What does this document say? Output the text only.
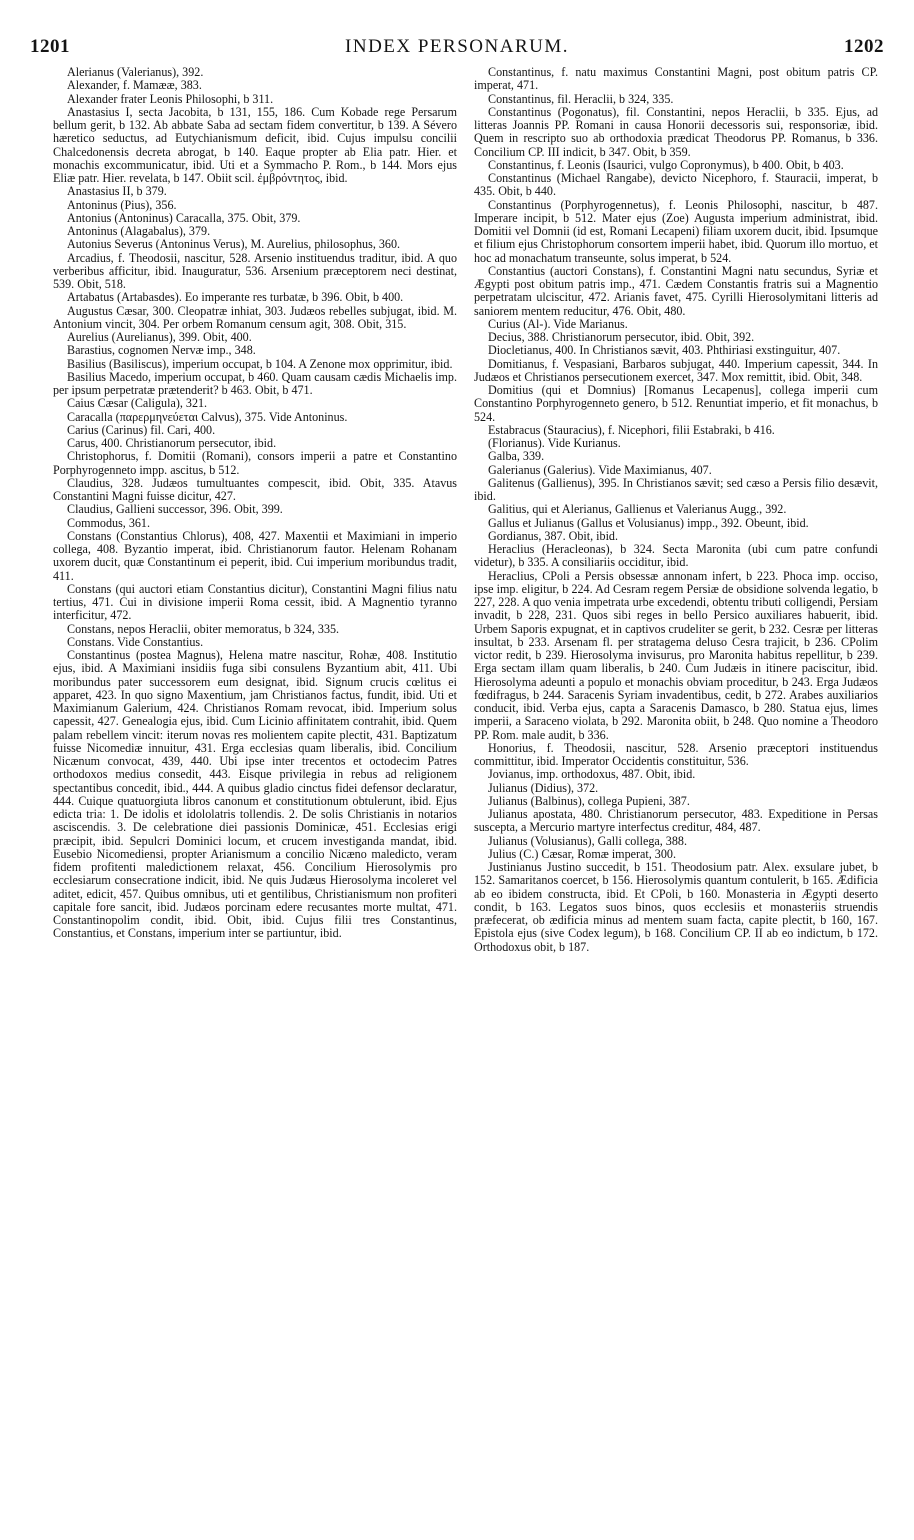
1201	INDEX PERSONARUM.	1202

Alerianus (Valerianus), 392.

Alexander, f. Mamææ, 383.

Alexander frater Leonis Philosophi, b 311.

Anastasius I, secta Jacobita, b 131, 155, 186. Cum Kobade rege Persarum bellum gerit, b 132. Ab abbate Saba ad sectam fidem convertitur, b 139. A Sévero hæretico seductus, ad Eutychianismum deficit, ibid. Cujus impulsu concilii Chalcedonensis decreta abrogat, b 140. Eaque propter ab Elia patr. Hier. et monachis excommunicatur, ibid. Uti et a Symmacho P. Rom., b 144. Mors ejus Eliæ patr. Hier. revelata, b 147. Obiit scil. ἐμβρόντητος, ibid.

Anastasius II, b 379.

Antoninus (Pius), 356.

Antonius (Antoninus) Caracalla, 375. Obit, 379.

Antoninus (Alagabalus), 379.

Autonius Severus (Antoninus Verus), M. Aurelius, philosophus, 360.

Arcadius, f. Theodosii, nascitur, 528. Arsenio instituendus traditur, ibid. A quo verberibus afficitur, ibid. Inauguratur, 536. Arsenium præceptorem neci destinat, 539. Obit, 518.

Artabatus (Artabasdes). Eo imperante res turbatæ, b 396. Obit, b 400.

Augustus Cæsar, 300. Cleopatræ inhiat, 303. Judæos rebelles subjugat, ibid. M. Antonium vincit, 304. Per orbem Romanum censum agit, 308. Obit, 315.

Aurelius (Aurelianus), 399. Obit, 400.

Barastius, cognomen Nervæ imp., 348.

Basilius (Basiliscus), imperium occupat, b 104. A Zenone mox opprimitur, ibid.

Basilius Macedo, imperium occupat, b 460. Quam causam cædis Michaelis imp. per ipsum perpetratæ prætenderit? b 463. Obit, b 471.

Caius Cæsar (Caligula), 321.

Caracalla (παρερμηνεύεται Calvus), 375. Vide Antoninus.

Carius (Carinus) fil. Cari, 400.

Carus, 400. Christianorum persecutor, ibid.

Christophorus, f. Domitii (Romani), consors imperii a patre et Constantino Porphyrogenneto impp. ascitus, b 512.

Claudius, 328. Judæos tumultuantes compescit, ibid. Obit, 335. Atavus Constantini Magni fuisse dicitur, 427.

Claudius, Gallieni successor, 396. Obit, 399.

Commodus, 361.

Constans (Constantius Chlorus), 408, 427. Maxentii et Maximiani in imperio collega, 408. Byzantio imperat, ibid. Christianorum fautor. Helenam Rohanam uxorem ducit, quæ Constantinum ei peperit, ibid. Cui imperium moribundus tradit, 411.

Constans (qui auctori etiam Constantius dicitur), Constantini Magni filius natu tertius, 471. Cui in divisione imperii Roma cessit, ibid. A Magnentio tyranno interficitur, 472.

Constans, nepos Heraclii, obiter memoratus, b 324, 335.

Constans. Vide Constantius.

Constantinus (postea Magnus), Helena matre nascitur, Rohæ, 408. Institutio ejus, ibid. A Maximiani insidiis fuga sibi consulens Byzantium abit, 411. Ubi moribundus pater successorem eum designat, ibid. Signum crucis cœlitus ei apparet, 423. In quo signo Maxentium, jam Christianos factus, fundit, ibid. Uti et Maximianum Galerium, 424. Christianos Romam revocat, ibid. Imperium solus capessit, 427. Genealogia ejus, ibid. Cum Licinio affinitatem contrahit, ibid. Quem palam rebellem vincit: iterum novas res molientem capite plectit, 431. Baptizatum fuisse Nicomediæ innuitur, 431. Erga ecclesias quam liberalis, ibid. Concilium Nicænum convocat, 439, 440. Ubi ipse inter trecentos et octodecim Patres orthodoxos medius consedit, 443. Eisque privilegia in rebus ad religionem spectantibus concedit, ibid., 444. A quibus gladio cinctus fidei defensor declaratur, 444. Cuique quatuorgiuta libros canonum et constitutionum obtulerunt, ibid. Ejus edicta tria: 1. De idolis et idololatris tollendis. 2. De solis Christianis in notarios asciscendis. 3. De celebratione diei passionis Dominicæ, 451. Ecclesias erigi præcipit, ibid. Sepulcri Dominici locum, et crucem investiganda mandat, ibid. Eusebio Nicomediensi, propter Arianismum a concilio Nicæno maledicto, veram fidem profitenti maledictionem relaxat, 456. Concilium Hierosolymis pro ecclesiarum consecratione indicit, ibid. Ne quis Judæus Hierosolyma incoleret vel aditet, edicit, 457. Quibus omnibus, uti et gentilibus, Christianismum non profiteri capitale fore sancit, ibid. Judæos porcinam edere recusantes morte multat, 471. Constantinopolim condit, ibid. Obit, ibid. Cujus filii tres Constantinus, Constantius, et Constans, imperium inter se partiuntur, ibid.

Constantinus, f. natu maximus Constantini Magni, post obitum patris CP. imperat, 471.

Constantinus, fil. Heraclii, b 324, 335.

Constantinus (Pogonatus), fil. Constantini, nepos Heraclii, b 335. Ejus, ad litteras Joannis PP. Romani in causa Honorii decessoris sui, responsoriæ, ibid. Quem in rescripto suo ab orthodoxia prædicat Theodorus PP. Romanus, b 336. Concilium CP. III indicit, b 347. Obit, b 359.

Constantinus, f. Leonis (Isaurici, vulgo Copronymus), b 400. Obit, b 403.

Constantinus (Michael Rangabe), devicto Nicephoro, f. Stauracii, imperat, b 435. Obit, b 440.

Constantinus (Porphyrogennetus), f. Leonis Philosophi, nascitur, b 487. Imperare incipit, b 512. Mater ejus (Zoe) Augusta imperium administrat, ibid. Domitii vel Domnii (id est, Romani Lecapeni) filiam uxorem ducit, ibid. Ipsumque et filium ejus Christophorum consortem imperii habet, ibid. Quorum illo mortuo, et hoc ad monachatum transeunte, solus imperat, b 524.

Constantius (auctori Constans), f. Constantini Magni natu secundus, Syriæ et Ægypti post obitum patris imp., 471. Cædem Constantis fratris sui a Magnentio perpetratam ulciscitur, 472. Arianis favet, 475. Cyrilli Hierosolymitani litteris ad saniorem mentem reducitur, 476. Obit, 480.

Curius (Al-). Vide Marianus.

Decius, 388. Christianorum persecutor, ibid. Obit, 392.

Diocletianus, 400. In Christianos sævit, 403. Phthiriasi exstinguitur, 407.

Domitianus, f. Vespasiani, Barbaros subjugat, 440. Imperium capessit, 344. In Judæos et Christianos persecutionem exercet, 347. Mox remittit, ibid. Obit, 348.

Domitius (qui et Domnius) [Romanus Lecapenus], collega imperii cum Constantino Porphyrogenneto genero, b 512. Renuntiat imperio, et fit monachus, b 524.

Estabracus (Stauracius), f. Nicephori, filii Estabraki, b 416.

(Florianus). Vide Kurianus.

Galba, 339.

Galerianus (Galerius). Vide Maximianus, 407.

Galitenus (Gallienus), 395. In Christianos sævit; sed cæso a Persis filio desævit, ibid.

Galitius, qui et Alerianus, Gallienus et Valerianus Augg., 392.

Gallus et Julianus (Gallus et Volusianus) impp., 392. Obeunt, ibid.

Gordianus, 387. Obit, ibid.

Heraclius (Heracleonas), b 324. Secta Maronita (ubi cum patre confundi videtur), b 335. A consiliariis occiditur, ibid.

Heraclius, CPoli a Persis obsessæ annonam infert, b 223. Phoca imp. occiso, ipse imp. eligitur, b 224. Ad Cesram regem Persiæ de obsidione solvenda legatio, b 227, 228. A quo venia impetrata urbe excedendi, obtentu tributi colligendi, Persiam invadit, b 228, 231. Quos sibi reges in bello Persico auxiliares habuerit, ibid. Urbem Saporis expugnat, et in captivos crudeliter se gerit, b 232. Cesræ per litteras insultat, b 233. Arsenam fl. per stratagema deluso Cesra trajicit, b 236. CPolim victor redit, b 239. Hierosolyma invisurus, pro Maronita habitus repellitur, b 239. Erga sectam illam quam liberalis, b 240. Cum Judæis in itinere paciscitur, ibid. Hierosolyma adeunti a populo et monachis obviam proceditur, b 243. Erga Judæos fœdifragus, b 244. Saracenis Syriam invadentibus, cedit, b 272. Arabes auxiliarios conducit, ibid. Verba ejus, capta a Saracenis Damasco, b 280. Statua ejus, limes imperii, a Saraceno violata, b 292. Maronita obiit, b 248. Quo nomine a Theodoro PP. Rom. male audit, b 336.

Honorius, f. Theodosii, nascitur, 528. Arsenio præceptori instituendus committitur, ibid. Imperator Occidentis constituitur, 536.

Jovianus, imp. orthodoxus, 487. Obit, ibid.

Julianus (Didius), 372.

Julianus (Balbinus), collega Pupieni, 387.

Julianus apostata, 480. Christianorum persecutor, 483. Expeditione in Persas suscepta, a Mercurio martyre interfectus creditur, 484, 487.

Julianus (Volusianus), Galli collega, 388.

Julius (C.) Cæsar, Romæ imperat, 300.

Justinianus Justino succedit, b 151. Theodosium patr. Alex. exsulare jubet, b 152. Samaritanos coercet, b 156. Hierosolymis quantum contulerit, b 165. Ædificia ab eo ibidem constructa, ibid. Et CPoli, b 160. Monasteria in Ægypti deserto condit, b 163. Legatos suos binos, quos ecclesiis et monasteriis struendis præfecerat, ob ædificia minus ad mentem suam facta, capite plectit, b 160, 167. Epistola ejus (sive Codex legum), b 168. Concilium CP. II ab eo indictum, b 172. Orthodoxus obit, b 187.
